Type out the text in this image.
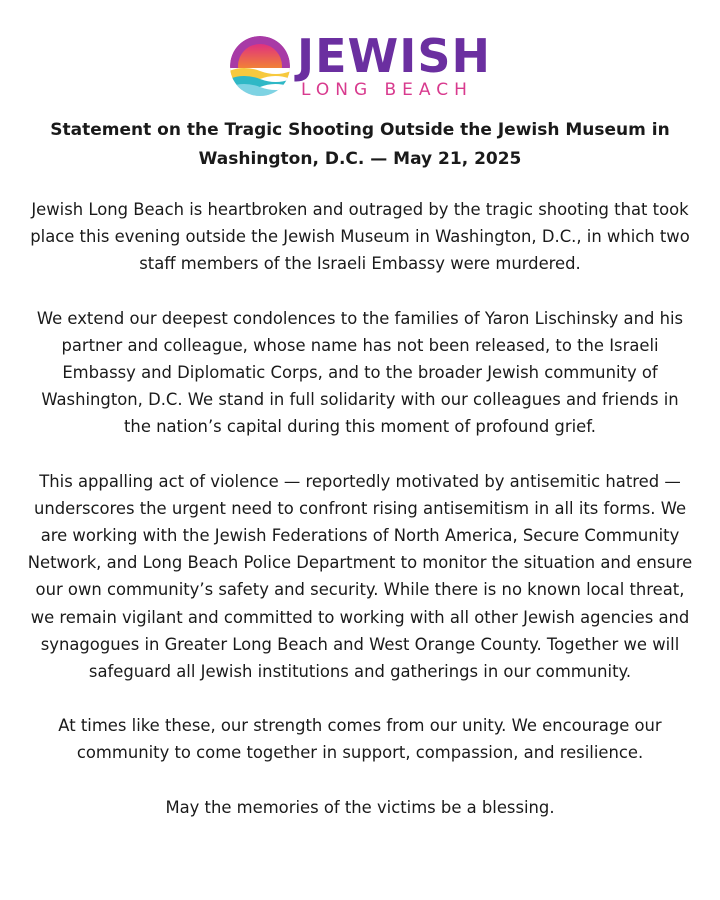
JEWISH
LONG BEACH
Statement on the Tragic Shooting Outside the Jewish Museum in Washington, D.C. — May 21, 2025

Jewish Long Beach is heartbroken and outraged by the tragic shooting that took place this evening outside the Jewish Museum in Washington, D.C., in which two staff members of the Israeli Embassy were murdered.

We extend our deepest condolences to the families of Yaron Lischinsky and his partner and colleague, whose name has not been released, to the Israeli Embassy and Diplomatic Corps, and to the broader Jewish community of Washington, D.C. We stand in full solidarity with our colleagues and friends in the nation’s capital during this moment of profound grief.

This appalling act of violence — reportedly motivated by antisemitic hatred — underscores the urgent need to confront rising antisemitism in all its forms. We are working with the Jewish Federations of North America, Secure Community Network, and Long Beach Police Department to monitor the situation and ensure our own community’s safety and security. While there is no known local threat, we remain vigilant and committed to working with all other Jewish agencies and synagogues in Greater Long Beach and West Orange County. Together we will safeguard all Jewish institutions and gatherings in our community.

At times like these, our strength comes from our unity. We encourage our community to come together in support, compassion, and resilience.

May the memories of the victims be a blessing.
